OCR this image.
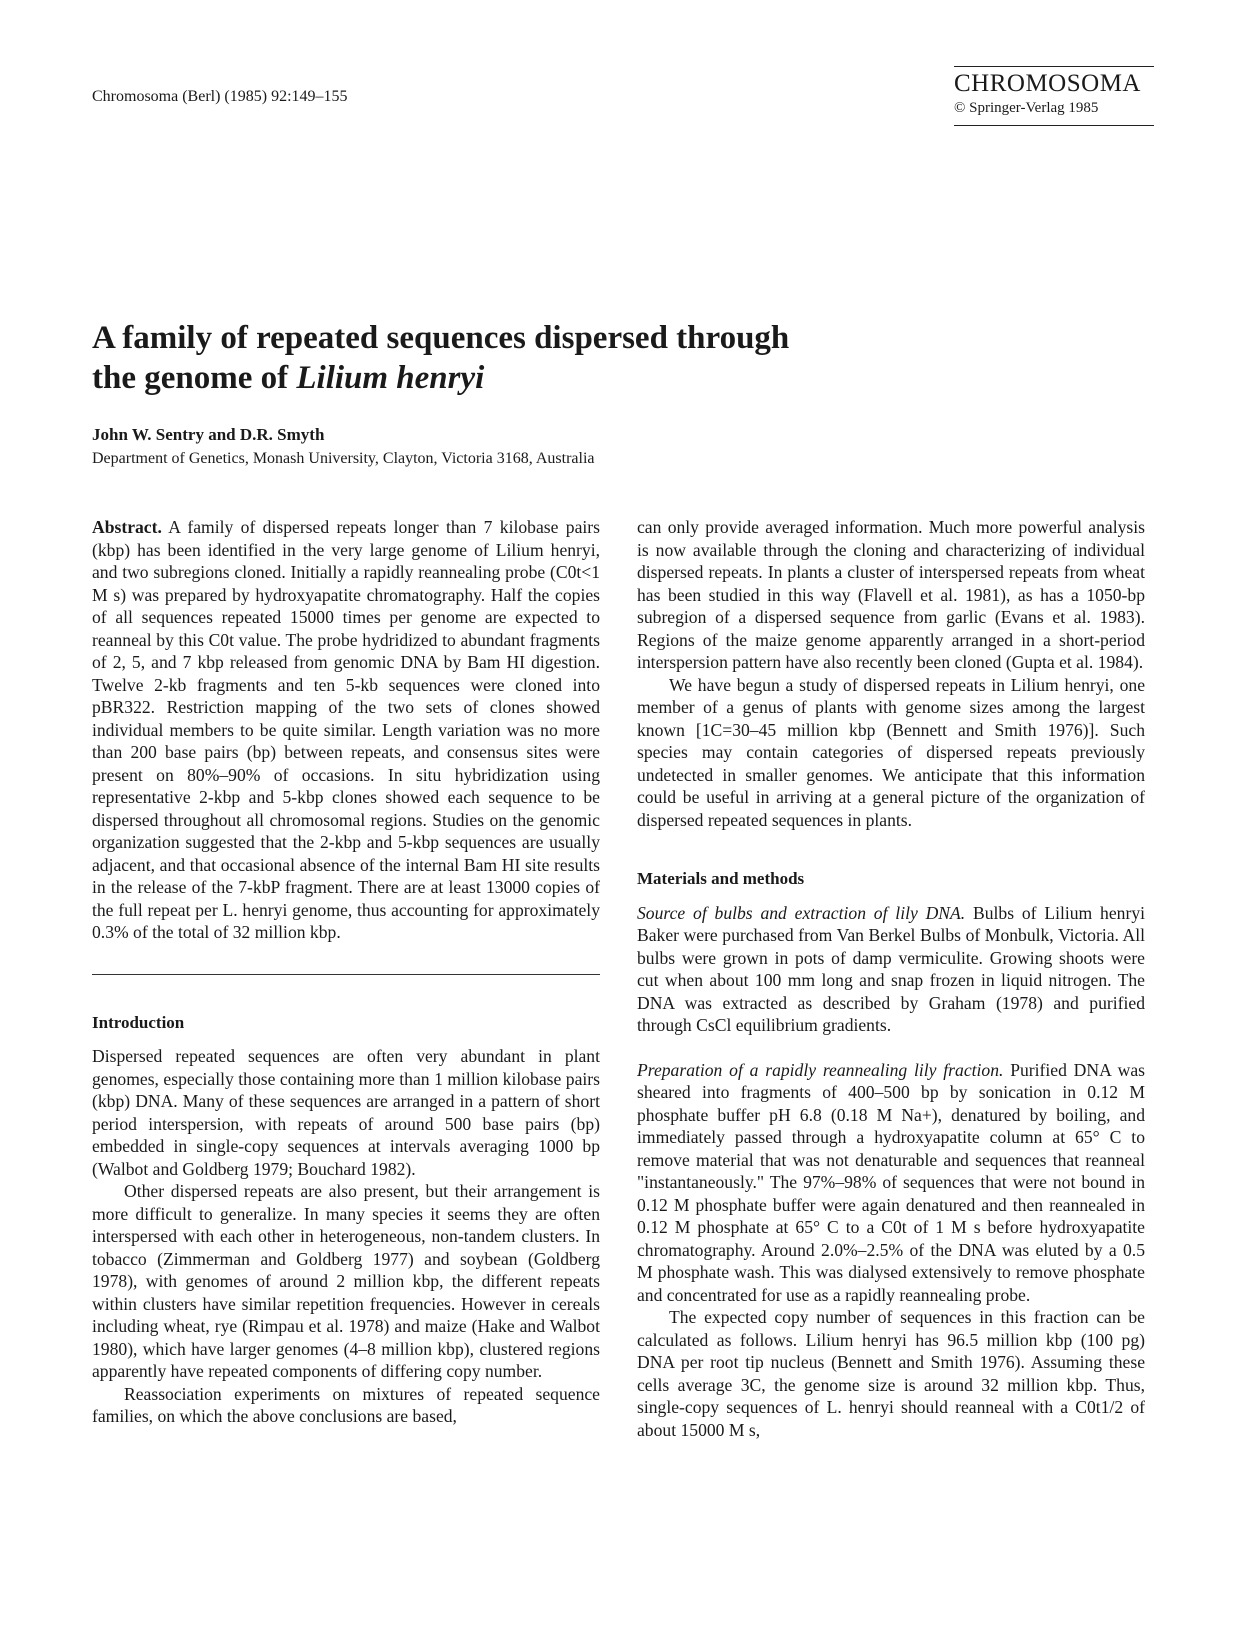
Chromosoma (Berl) (1985) 92:149–155	CHROMOSOMA
© Springer-Verlag 1985
A family of repeated sequences dispersed through
the genome of Lilium henryi
John W. Sentry and D.R. Smyth
Department of Genetics, Monash University, Clayton, Victoria 3168, Australia

Abstract. A family of dispersed repeats longer than 7 kilobase pairs (kbp) has been identified in the very large genome of Lilium henryi, and two subregions cloned. Initially a rapidly reannealing probe (C0t<1 M s) was prepared by hydroxyapatite chromatography. Half the copies of all sequences repeated 15000 times per genome are expected to reanneal by this C0t value. The probe hydridized to abundant fragments of 2, 5, and 7 kbp released from genomic DNA by Bam HI digestion. Twelve 2-kb fragments and ten 5-kb sequences were cloned into pBR322. Restriction mapping of the two sets of clones showed individual members to be quite similar. Length variation was no more than 200 base pairs (bp) between repeats, and consensus sites were present on 80%–90% of occasions. In situ hybridization using representative 2-kbp and 5-kbp clones showed each sequence to be dispersed throughout all chromosomal regions. Studies on the genomic organization suggested that the 2-kbp and 5-kbp sequences are usually adjacent, and that occasional absence of the internal Bam HI site results in the release of the 7-kbP fragment. There are at least 13000 copies of the full repeat per L. henryi genome, thus accounting for approximately 0.3% of the total of 32 million kbp.

Introduction

Dispersed repeated sequences are often very abundant in plant genomes, especially those containing more than 1 million kilobase pairs (kbp) DNA. Many of these sequences are arranged in a pattern of short period interspersion, with repeats of around 500 base pairs (bp) embedded in single-copy sequences at intervals averaging 1000 bp (Walbot and Goldberg 1979; Bouchard 1982).

Other dispersed repeats are also present, but their arrangement is more difficult to generalize. In many species it seems they are often interspersed with each other in heterogeneous, non-tandem clusters. In tobacco (Zimmerman and Goldberg 1977) and soybean (Goldberg 1978), with genomes of around 2 million kbp, the different repeats within clusters have similar repetition frequencies. However in cereals including wheat, rye (Rimpau et al. 1978) and maize (Hake and Walbot 1980), which have larger genomes (4–8 million kbp), clustered regions apparently have repeated components of differing copy number.

Reassociation experiments on mixtures of repeated sequence families, on which the above conclusions are based,

can only provide averaged information. Much more powerful analysis is now available through the cloning and characterizing of individual dispersed repeats. In plants a cluster of interspersed repeats from wheat has been studied in this way (Flavell et al. 1981), as has a 1050-bp subregion of a dispersed sequence from garlic (Evans et al. 1983). Regions of the maize genome apparently arranged in a short-period interspersion pattern have also recently been cloned (Gupta et al. 1984).

We have begun a study of dispersed repeats in Lilium henryi, one member of a genus of plants with genome sizes among the largest known [1C=30–45 million kbp (Bennett and Smith 1976)]. Such species may contain categories of dispersed repeats previously undetected in smaller genomes. We anticipate that this information could be useful in arriving at a general picture of the organization of dispersed repeated sequences in plants.

Materials and methods

Source of bulbs and extraction of lily DNA. Bulbs of Lilium henryi Baker were purchased from Van Berkel Bulbs of Monbulk, Victoria. All bulbs were grown in pots of damp vermiculite. Growing shoots were cut when about 100 mm long and snap frozen in liquid nitrogen. The DNA was extracted as described by Graham (1978) and purified through CsCl equilibrium gradients.

Preparation of a rapidly reannealing lily fraction. Purified DNA was sheared into fragments of 400–500 bp by sonication in 0.12 M phosphate buffer pH 6.8 (0.18 M Na+), denatured by boiling, and immediately passed through a hydroxyapatite column at 65° C to remove material that was not denaturable and sequences that reanneal "instantaneously." The 97%–98% of sequences that were not bound in 0.12 M phosphate buffer were again denatured and then reannealed in 0.12 M phosphate at 65° C to a C0t of 1 M s before hydroxyapatite chromatography. Around 2.0%–2.5% of the DNA was eluted by a 0.5 M phosphate wash. This was dialysed extensively to remove phosphate and concentrated for use as a rapidly reannealing probe.

The expected copy number of sequences in this fraction can be calculated as follows. Lilium henryi has 96.5 million kbp (100 pg) DNA per root tip nucleus (Bennett and Smith 1976). Assuming these cells average 3C, the genome size is around 32 million kbp. Thus, single-copy sequences of L. henryi should reanneal with a C0t1/2 of about 15000 M s,
